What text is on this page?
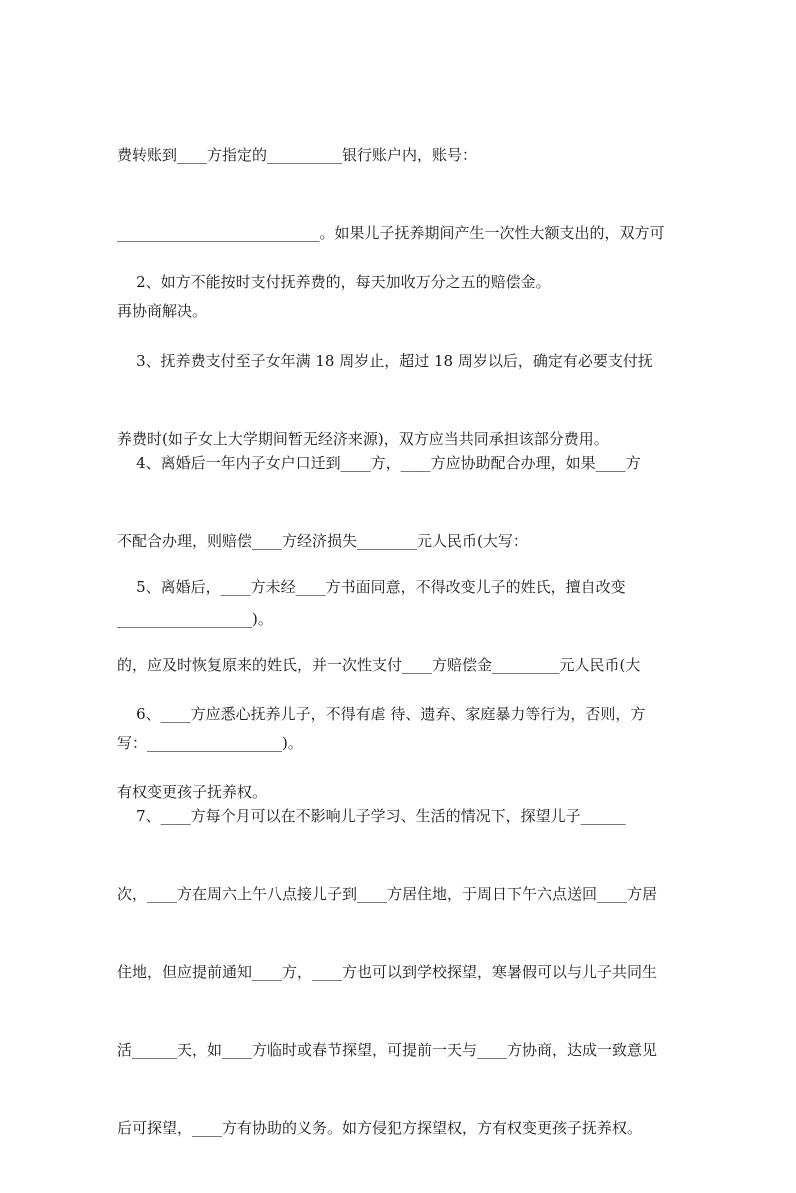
费转账到____方指定的__________银行账户内，账号：

___________________________。如果儿子抚养期间产生一次性大额支出的，双方可

再协商解决。

2、如方不能按时支付抚养费的，每天加收万分之五的赔偿金。

3、抚养费支付至子女年满 18 周岁止，超过 18 周岁以后，确定有必要支付抚

养费时(如子女上大学期间暂无经济来源)，双方应当共同承担该部分费用。

4、离婚后一年内子女户口迁到____方，____方应协助配合办理，如果____方

不配合办理，则赔偿____方经济损失________元人民币(大写：

__________________)。

5、离婚后，____方未经____方书面同意，不得改变儿子的姓氏，擅自改变

的，应及时恢复原来的姓氏，并一次性支付____方赔偿金_________元人民币(大

写：__________________)。

6、____方应悉心抚养儿子，不得有虐 待、遗弃、家庭暴力等行为，否则，方

有权变更孩子抚养权。

7、____方每个月可以在不影响儿子学习、生活的情况下，探望儿子______

次，____方在周六上午八点接儿子到____方居住地，于周日下午六点送回____方居

住地，但应提前通知____方，____方也可以到学校探望，寒暑假可以与儿子共同生

活______天，如____方临时或春节探望，可提前一天与____方协商，达成一致意见

后可探望，____方有协助的义务。如方侵犯方探望权，方有权变更孩子抚养权。
